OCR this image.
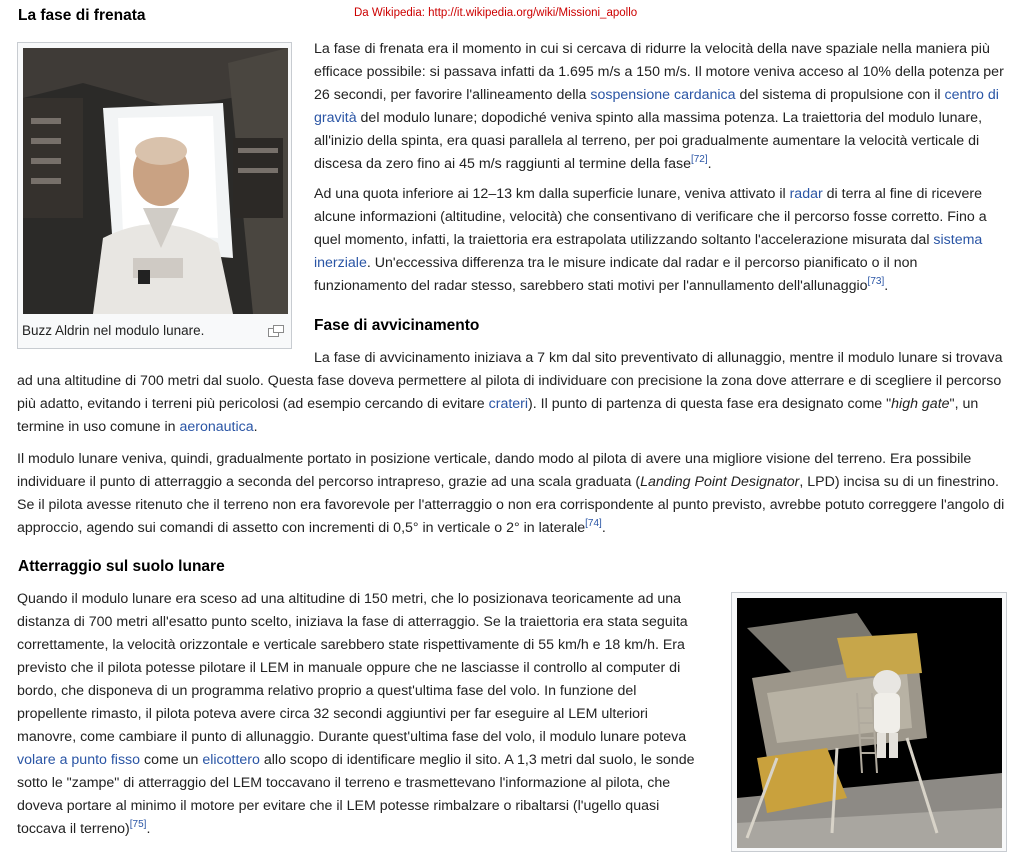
La fase di frenata	Da Wikipedia: http://it.wikipedia.org/wiki/Missioni_apollo
Buzz Aldrin nel modulo lunare.

La fase di frenata era il momento in cui si cercava di ridurre la velocità della nave spaziale nella maniera più efficace possibile: si passava infatti da 1.695 m/s a 150 m/s. Il motore veniva acceso al 10% della potenza per 26 secondi, per favorire l'allineamento della sospensione cardanica del sistema di propulsione con il centro di gravità del modulo lunare; dopodiché veniva spinto alla massima potenza. La traiettoria del modulo lunare, all'inizio della spinta, era quasi parallela al terreno, per poi gradualmente aumentare la velocità verticale di discesa da zero fino ai 45 m/s raggiunti al termine della fase[72].

Ad una quota inferiore ai 12–13 km dalla superficie lunare, veniva attivato il radar di terra al fine di ricevere alcune informazioni (altitudine, velocità) che consentivano di verificare che il percorso fosse corretto. Fino a quel momento, infatti, la traiettoria era estrapolata utilizzando soltanto l'accelerazione misurata dal sistema inerziale. Un'eccessiva differenza tra le misure indicate dal radar e il percorso pianificato o il non funzionamento del radar stesso, sarebbero stati motivi per l'annullamento dell'allunaggio[73].

Fase di avvicinamento

La fase di avvicinamento iniziava a 7 km dal sito preventivato di allunaggio, mentre il modulo lunare si trovava ad una altitudine di 700 metri dal suolo. Questa fase doveva permettere al pilota di individuare con precisione la zona dove atterrare e di scegliere il percorso più adatto, evitando i terreni più pericolosi (ad esempio cercando di evitare crateri). Il punto di partenza di questa fase era designato come "high gate", un termine in uso comune in aeronautica.

Il modulo lunare veniva, quindi, gradualmente portato in posizione verticale, dando modo al pilota di avere una migliore visione del terreno. Era possibile individuare il punto di atterraggio a seconda del percorso intrapreso, grazie ad una scala graduata (Landing Point Designator, LPD) incisa su di un finestrino. Se il pilota avesse ritenuto che il terreno non era favorevole per l'atterraggio o non era corrispondente al punto previsto, avrebbe potuto correggere l'angolo di approccio, agendo sui comandi di assetto con incrementi di 0,5° in verticale o 2° in laterale[74].

Atterraggio sul suolo lunare

Quando il modulo lunare era sceso ad una altitudine di 150 metri, che lo posizionava teoricamente ad una distanza di 700 metri all'esatto punto scelto, iniziava la fase di atterraggio. Se la traiettoria era stata seguita correttamente, la velocità orizzontale e verticale sarebbero state rispettivamente di 55 km/h e 18 km/h. Era previsto che il pilota potesse pilotare il LEM in manuale oppure che ne lasciasse il controllo al computer di bordo, che disponeva di un programma relativo proprio a quest'ultima fase del volo. In funzione del propellente rimasto, il pilota poteva avere circa 32 secondi aggiuntivi per far eseguire al LEM ulteriori manovre, come cambiare il punto di allunaggio. Durante quest'ultima fase del volo, il modulo lunare poteva volare a punto fisso come un elicottero allo scopo di identificare meglio il sito. A 1,3 metri dal suolo, le sonde sotto le "zampe" di atterraggio del LEM toccavano il terreno e trasmettevano l'informazione al pilota, che doveva portare al minimo il motore per evitare che il LEM potesse rimbalzare o ribaltarsi (l'ugello quasi toccava il terreno)[75].
